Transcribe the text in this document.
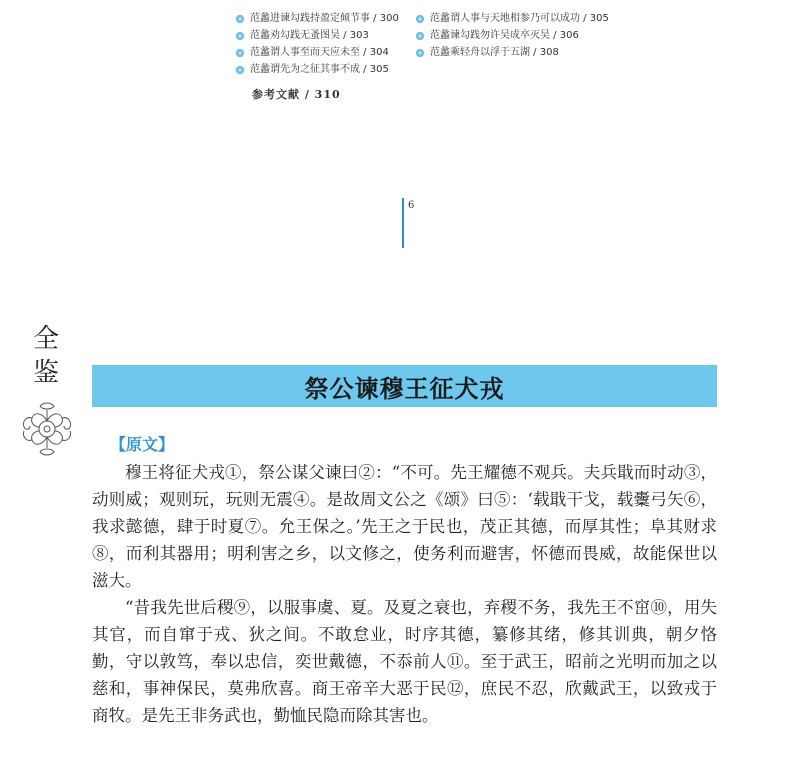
范蠡进谏勾践持盈定倾节事 / 300
范蠡劝勾践无蚤图吴 / 303
范蠡谓人事至而天应未至 / 304
范蠡谓先为之征其事不成 / 305
范蠡谓人事与天地相参乃可以成功 / 305
范蠡谏勾践勿许吴成卒灭吴 / 306
范蠡乘轻舟以浮于五湖 / 308
参考文献 / 310
6
全
鉴	祭公谏穆王征犬戎
【原文】

穆王将征犬戎①，祭公谋父谏曰②：“不可。先王耀德不观兵。夫兵戢而时动③，动则威；观则玩，玩则无震④。是故周文公之《颂》曰⑤：‘载戢干戈，载櫜弓矢⑥，我求懿德，肆于时夏⑦。允王保之。’先王之于民也，茂正其德，而厚其性；阜其财求⑧，而利其器用；明利害之乡，以文修之，使务利而避害，怀德而畏威，故能保世以滋大。

“昔我先世后稷⑨，以服事虞、夏。及夏之衰也，弃稷不务，我先王不窋⑩，用失其官，而自窜于戎、狄之间。不敢怠业，时序其德，纂修其绪，修其训典，朝夕恪勤，守以敦笃，奉以忠信，奕世戴德，不忝前人⑪。至于武王，昭前之光明而加之以慈和，事神保民，莫弗欣喜。商王帝辛大恶于民⑫，庶民不忍，欣戴武王，以致戎于商牧。是先王非务武也，勤恤民隐而除其害也。
